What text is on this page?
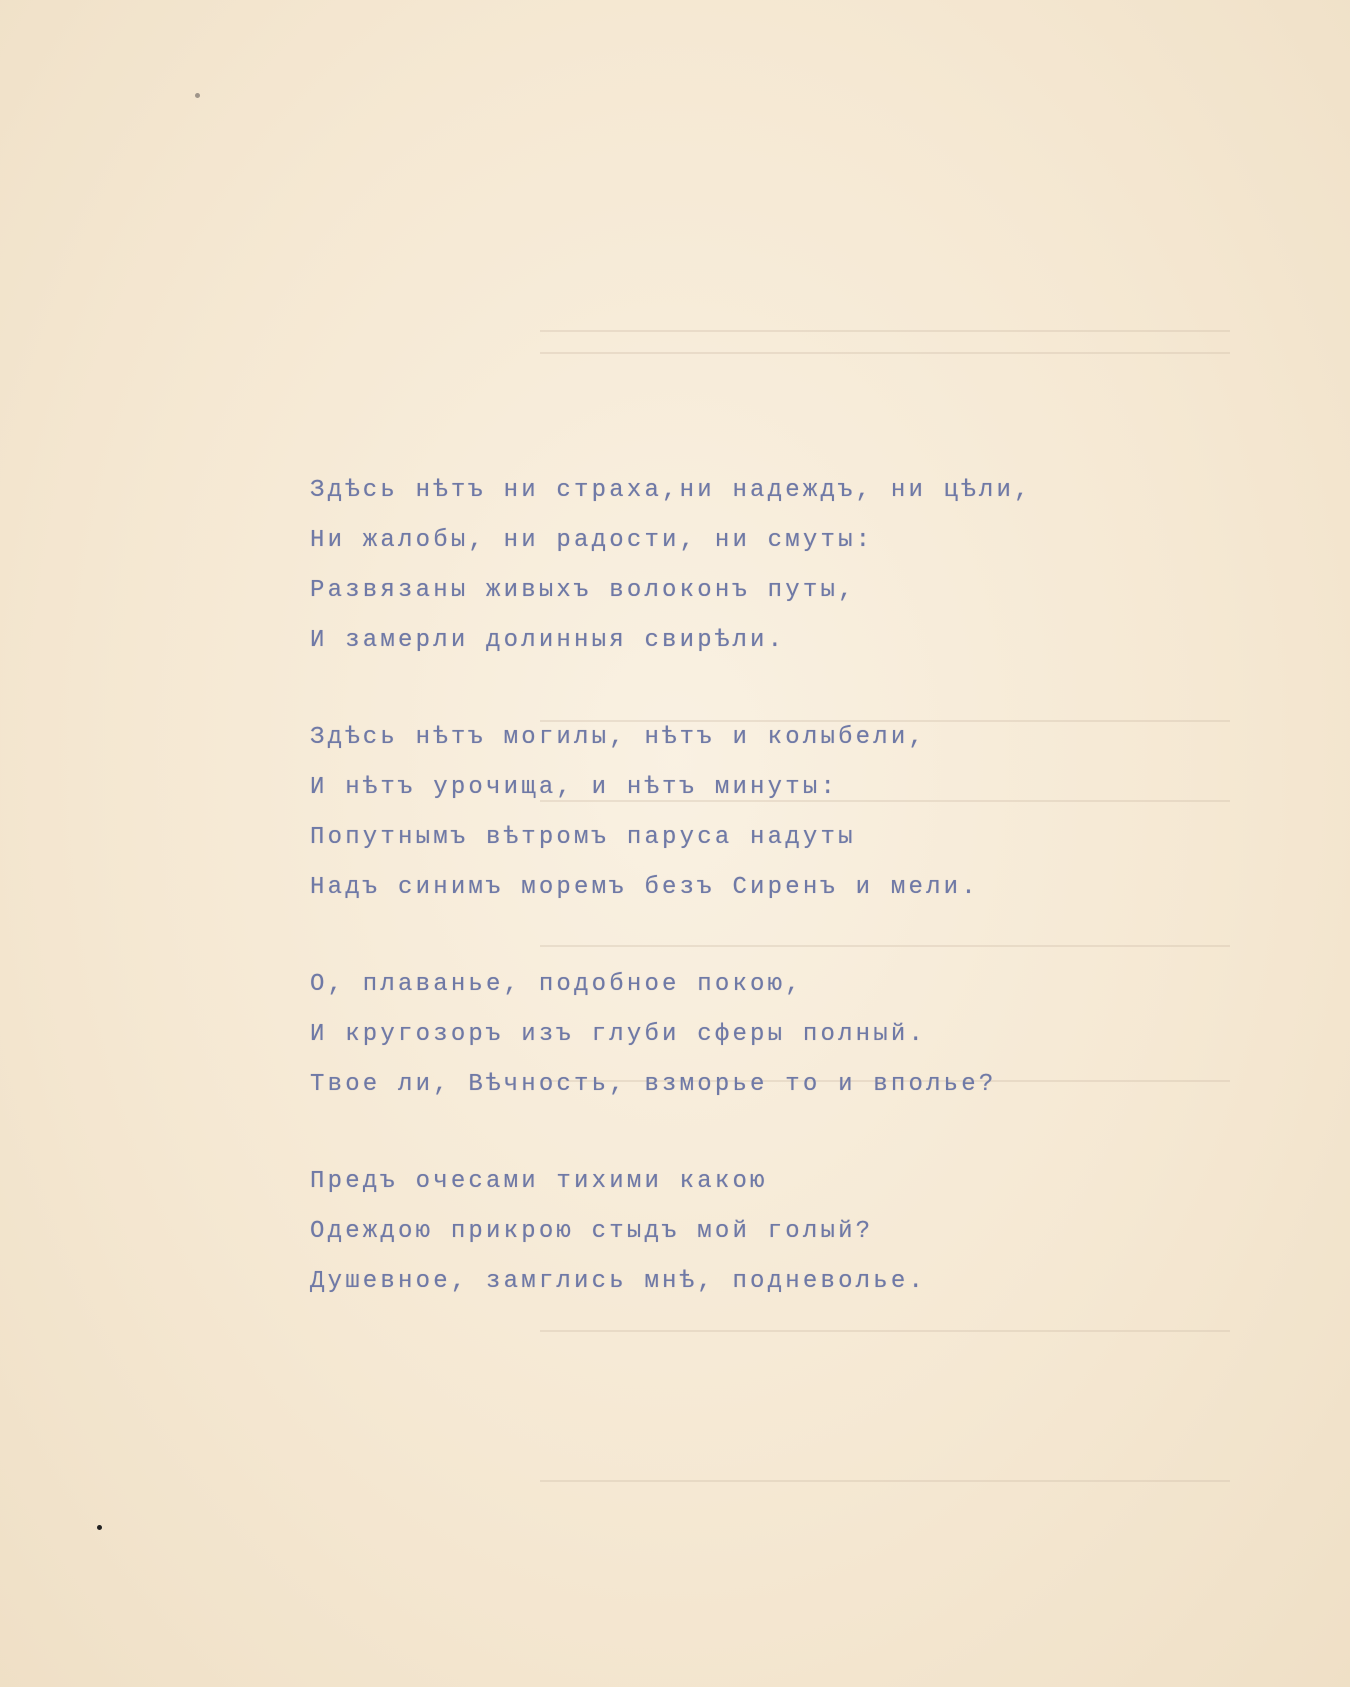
Здѣсь нѣтъ ни страха,ни надеждъ, ни цѣли,
Ни жалобы, ни радости, ни смуты:
Развязаны живыхъ волоконъ путы,
И замерли долинныя свирѣли.
Здѣсь нѣтъ могилы, нѣтъ и колыбели,
И нѣтъ урочища, и нѣтъ минуты:
Попутнымъ вѣтромъ паруса надуты
Надъ синимъ моремъ безъ Сиренъ и мели.
О, плаванье, подобное покою,
И кругозоръ изъ глуби сферы полный.
Твое ли, Вѣчность, взморье то и вполье?
Предъ очесами тихими какою
Одеждою прикрою стыдъ мой голый?
Душевное, замглись мнѣ, подневолье.
